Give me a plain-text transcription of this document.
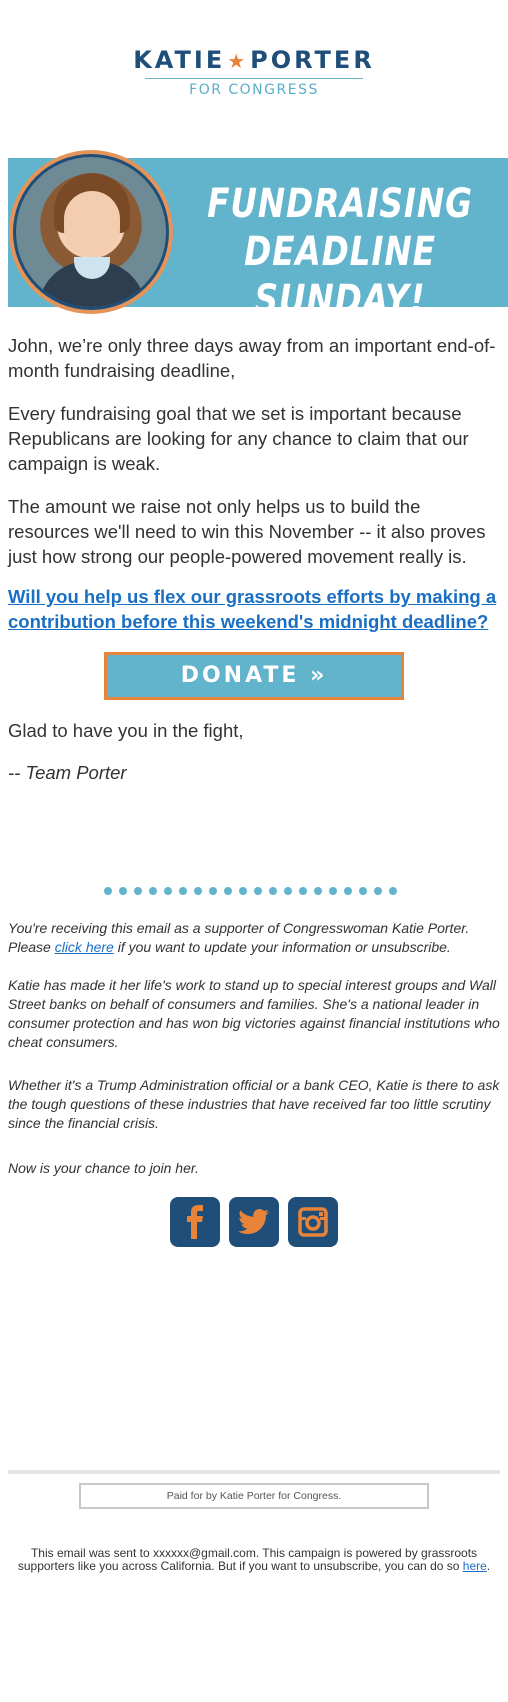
KATIE ★PORTER
FOR CONGRESS
FUNDRAISING
DEADLINE SUNDAY!

John, we’re only three days away from an important end-of-month fundraising deadline,

Every fundraising goal that we set is important because Republicans are looking for any chance to claim that our campaign is weak.

The amount we raise not only helps us to build the resources we'll need to win this November -- it also proves just how strong our people-powered movement really is.

Will you help us flex our grassroots efforts by making a contribution before this weekend's midnight deadline?

DONATE »

Glad to have you in the fight,

-- Team Porter

You're receiving this email as a supporter of Congresswoman Katie Porter. Please click here if you want to update your information or unsubscribe.

Katie has made it her life's work to stand up to special interest groups and Wall Street banks on behalf of consumers and families. She's a national leader in consumer protection and has won big victories against financial institutions who cheat consumers.

Whether it's a Trump Administration official or a bank CEO, Katie is there to ask the tough questions of these industries that have received far too little scrutiny since the financial crisis.

Now is your chance to join her.

Paid for by Katie Porter for Congress.

This email was sent to xxxxxx@gmail.com. This campaign is powered by grassroots supporters like you across California. But if you want to unsubscribe, you can do so here.
